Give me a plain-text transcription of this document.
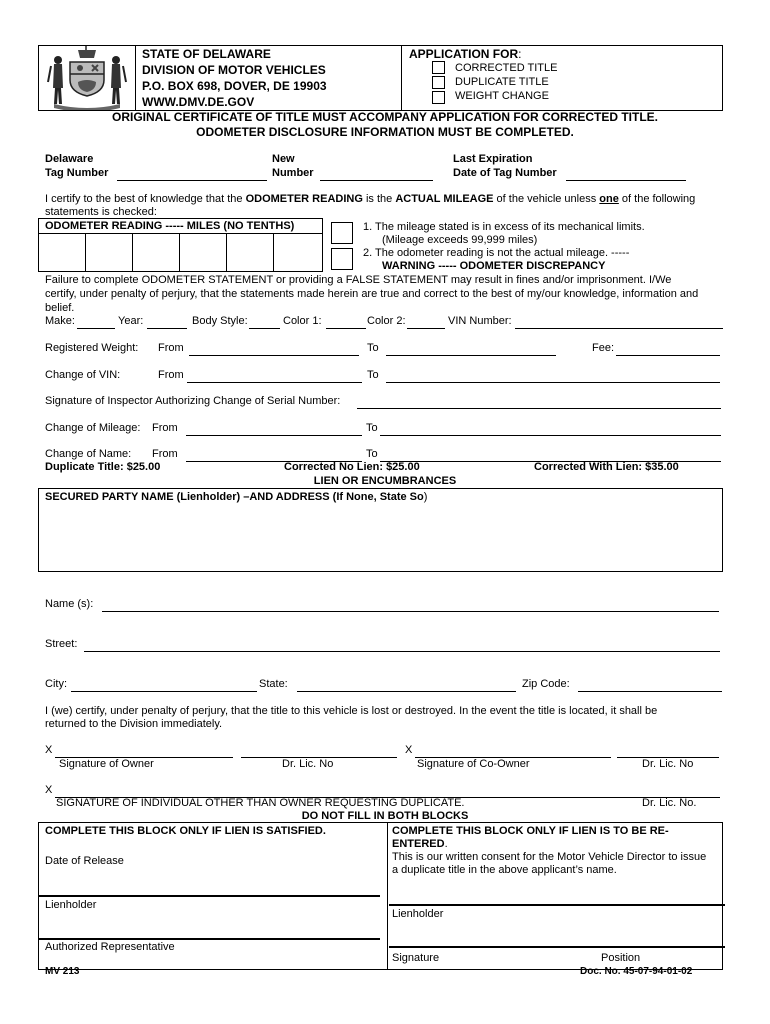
STATE OF DELAWARE
DIVISION OF MOTOR VEHICLES
P.O. BOX 698, DOVER, DE 19903
WWW.DMV.DE.GOV
APPLICATION FOR:
CORRECTED TITLE
DUPLICATE TITLE
WEIGHT CHANGE
ORIGINAL CERTIFICATE OF TITLE MUST ACCOMPANY APPLICATION FOR CORRECTED TITLE.
ODOMETER DISCLOSURE INFORMATION MUST BE COMPLETED.
Delaware
Tag Number
New
Number
Last Expiration
Date of Tag Number
I certify to the best of knowledge that the ODOMETER READING is the ACTUAL MILEAGE of the vehicle unless one of the following
statements is checked:
ODOMETER READING ----- MILES (NO TENTHS)	1. The mileage stated is in excess of its mechanical limits.
(Mileage exceeds 99,999 miles)
2. The odometer reading is not the actual mileage. -----
WARNING ----- ODOMETER DISCREPANCY
Failure to complete ODOMETER STATEMENT or providing a FALSE STATEMENT may result in fines and/or imprisonment. I/We
certify, under penalty of perjury, that the statements made herein are true and correct to the best of my/our knowledge, information and
belief.
Make:	Year:	Body Style:	Color 1:	Color 2:	VIN Number:
Registered Weight: From	To	Fee:
Change of VIN:	From	To
Signature of Inspector Authorizing Change of Serial Number:
Change of Mileage: From	To
Change of Name: From	To
Duplicate Title: $25.00	Corrected No Lien: $25.00	Corrected With Lien: $35.00
LIEN OR ENCUMBRANCES
SECURED PARTY NAME (Lienholder) –AND ADDRESS (If None, State So)
Name (s):
Street:
City:	State:	Zip Code:
I (we) certify, under penalty of perjury, that the title to this vehicle is lost or destroyed. In the event the title is located, it shall be
returned to the Division immediately.
X	X
Signature of Owner	Dr. Lic. No	Signature of Co-Owner	Dr. Lic. No
X
SIGNATURE OF INDIVIDUAL OTHER THAN OWNER REQUESTING DUPLICATE.	Dr. Lic. No.
DO NOT FILL IN BOTH BLOCKS
COMPLETE THIS BLOCK ONLY IF LIEN IS SATISFIED.
Date of Release
Lienholder
Authorized Representative
COMPLETE THIS BLOCK ONLY IF LIEN IS TO BE RE-
ENTERED.
This is our written consent for the Motor Vehicle Director to issue
a duplicate title in the above applicant’s name.
Lienholder
Signature	Position
MV 213	Doc. No. 45-07-94-01-02
